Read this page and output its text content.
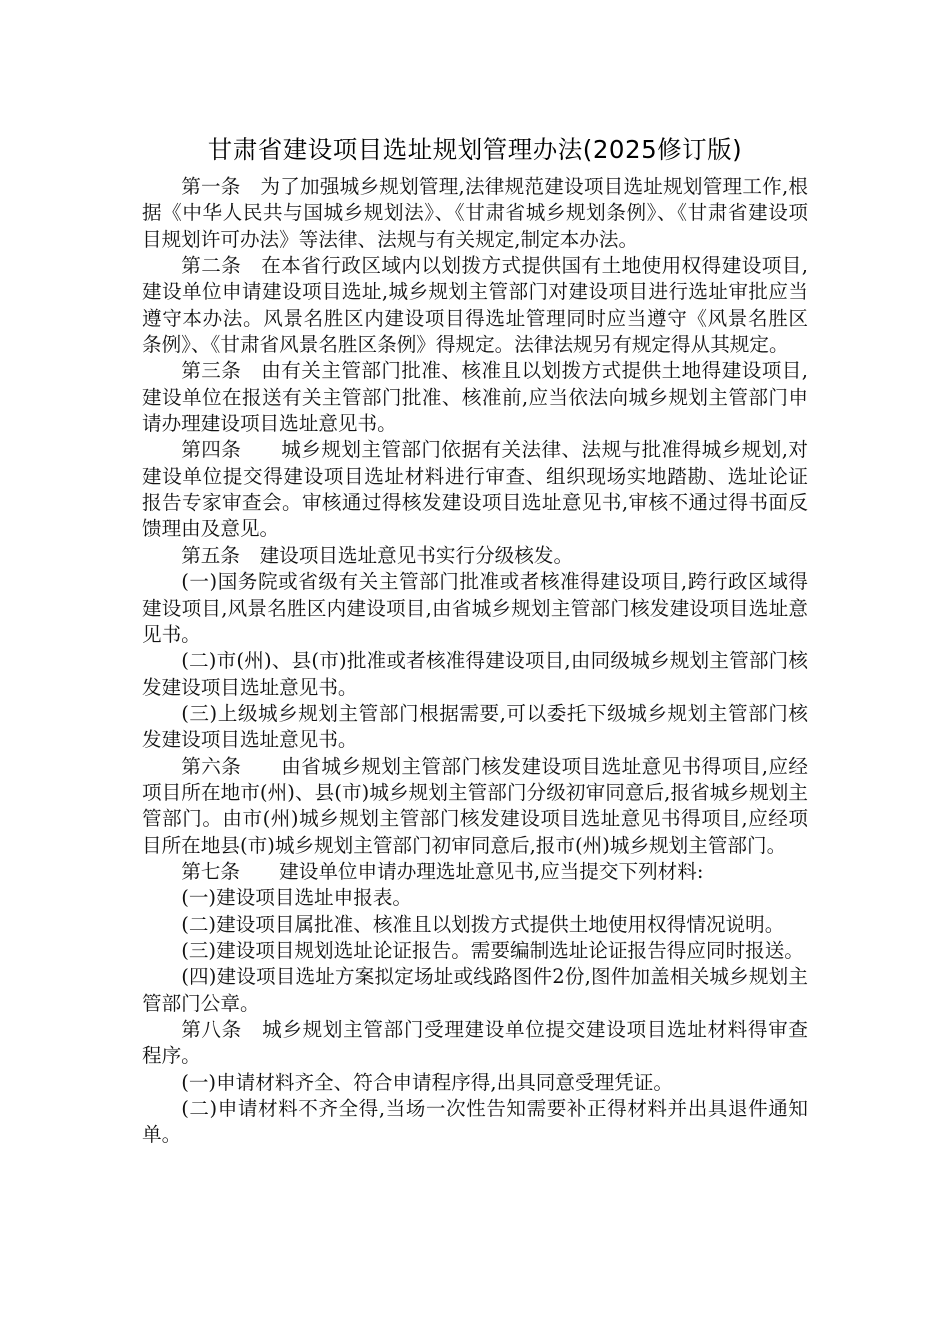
甘肃省建设项目选址规划管理办法(2025修订版)

第一条　为了加强城乡规划管理,法律规范建设项目选址规划管理工作,根据《中华人民共与国城乡规划法》、《甘肃省城乡规划条例》、《甘肃省建设项目规划许可办法》等法律、法规与有关规定,制定本办法。

第二条　在本省行政区域内以划拨方式提供国有土地使用权得建设项目,建设单位申请建设项目选址,城乡规划主管部门对建设项目进行选址审批应当遵守本办法。风景名胜区内建设项目得选址管理同时应当遵守《风景名胜区条例》、《甘肃省风景名胜区条例》得规定。法律法规另有规定得从其规定。

第三条　由有关主管部门批准、核准且以划拨方式提供土地得建设项目,建设单位在报送有关主管部门批准、核准前,应当依法向城乡规划主管部门申请办理建设项目选址意见书。

第四条　　城乡规划主管部门依据有关法律、法规与批准得城乡规划,对建设单位提交得建设项目选址材料进行审查、组织现场实地踏勘、选址论证报告专家审查会。审核通过得核发建设项目选址意见书,审核不通过得书面反馈理由及意见。

第五条　建设项目选址意见书实行分级核发。

(一)国务院或省级有关主管部门批准或者核准得建设项目,跨行政区域得建设项目,风景名胜区内建设项目,由省城乡规划主管部门核发建设项目选址意见书。

(二)市(州)、县(市)批准或者核准得建设项目,由同级城乡规划主管部门核发建设项目选址意见书。

(三)上级城乡规划主管部门根据需要,可以委托下级城乡规划主管部门核发建设项目选址意见书。

第六条　　由省城乡规划主管部门核发建设项目选址意见书得项目,应经项目所在地市(州)、县(市)城乡规划主管部门分级初审同意后,报省城乡规划主管部门。由市(州)城乡规划主管部门核发建设项目选址意见书得项目,应经项目所在地县(市)城乡规划主管部门初审同意后,报市(州)城乡规划主管部门。

第七条　　建设单位申请办理选址意见书,应当提交下列材料:

(一)建设项目选址申报表。

(二)建设项目属批准、核准且以划拨方式提供土地使用权得情况说明。

(三)建设项目规划选址论证报告。需要编制选址论证报告得应同时报送。

(四)建设项目选址方案拟定场址或线路图件2份,图件加盖相关城乡规划主管部门公章。

第八条　城乡规划主管部门受理建设单位提交建设项目选址材料得审查程序。

(一)申请材料齐全、符合申请程序得,出具同意受理凭证。

(二)申请材料不齐全得,当场一次性告知需要补正得材料并出具退件通知单。
